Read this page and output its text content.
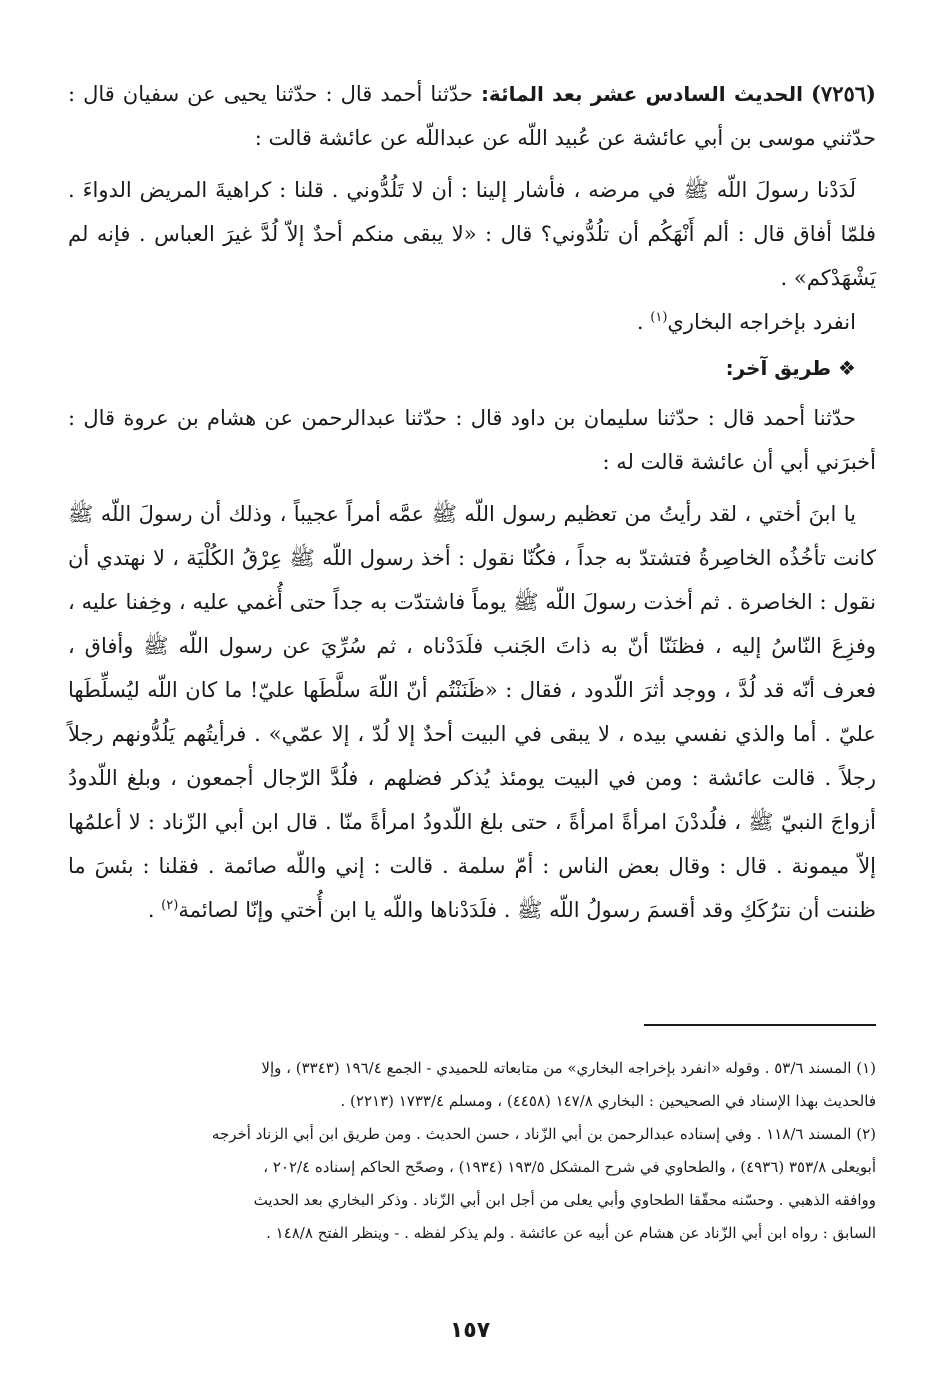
(٧٢٥٦) الحديث السادس عشر بعد المائة: حدّثنا أحمد قال : حدّثنا يحيى عن سفيان قال : حدّثني موسى بن أبي عائشة عن عُبيد اللّه عن عبداللّه عن عائشة قالت :

لَدَدْنا رسولَ اللّه ﷺ في مرضه ، فأشار إلينا : أن لا تَلُدُّوني . قلنا : كراهيةَ المريض الدواءَ . فلمّا أفاق قال : ألم أَنْهَكُم أن تلُدُّوني؟ قال : «لا يبقى منكم أحدٌ إلاّ لُدَّ غيرَ العباس . فإنه لم يَشْهَدْكم» .

انفرد بإخراجه البخاري$^{(١)}$ .

❖ طريق آخر:

حدّثنا أحمد قال : حدّثنا سليمان بن داود قال : حدّثنا عبدالرحمن عن هشام بن عروة قال : أخبرَني أبي أن عائشة قالت له :

يا ابنَ أختي ، لقد رأيتُ من تعظيم رسول اللّه ﷺ عمَّه أمراً عجيباً ، وذلك أن رسولَ اللّه ﷺ كانت تأخُذُه الخاصِرةُ فتشتدّ به جداً ، فكُنّا نقول : أخذ رسول اللّه ﷺ عِرْقُ الكُلْيَة ، لا نهتدي أن نقول : الخاصرة . ثم أخذت رسولَ اللّه ﷺ يوماً فاشتدّت به جداً حتى أُغمي عليه ، وخِفنا عليه ، وفزِعَ النّاسُ إليه ، فظنَنّا أنّ به ذاتَ الجَنب فلَدَدْناه ، ثم سُرِّيَ عن رسول اللّه ﷺ وأفاق ، فعرف أنّه قد لُدَّ ، ووجد أثرَ اللّدود ، فقال : «ظَنَنْتُم أنّ اللّهَ سلَّطَها عليّ! ما كان اللّه ليُسلِّطَها عليّ . أما والذي نفسي بيده ، لا يبقى في البيت أحدٌ إلا لُدّ ، إلا عمّي» . فرأيتُهم يَلُدُّونهم رجلاً رجلاً . قالت عائشة : ومن في البيت يومئذ يُذكر فضلهم ، فلُدَّ الرّجال أجمعون ، وبلغ اللّدودُ أزواجَ النبيّ ﷺ ، فلُددْنَ امرأةً امرأةً ، حتى بلغ اللّدودُ امرأةً منّا . قال ابن أبي الزّناد : لا أعلمُها إلاّ ميمونة . قال : وقال بعض الناس : أمّ سلمة . قالت : إني واللّه صائمة . فقلنا : بئسَ ما ظننت أن نترُكَكِ وقد أقسمَ رسولُ اللّه ﷺ . فلَدَدْناها واللّه يا ابن أُختي وإنّا لصائمة$^{(٢)}$ .

(١) المسند ٥٣/٦ . وقوله «انفرد بإخراجه البخاري» من متابعاته للحميدي - الجمع ١٩٦/٤ (٣٣٤٣) ، وإلا
فالحديث بهذا الإسناد في الصحيحين : البخاري ١٤٧/٨ (٤٤٥٨) ، ومسلم ١٧٣٣/٤ (٢٢١٣) .

(٢) المسند ١١٨/٦ . وفي إسناده عبدالرحمن بن أبي الزّناد ، حسن الحديث . ومن طريق ابن أبي الزناد أخرجه
أبويعلى ٣٥٣/٨ (٤٩٣٦) ، والطحاوي في شرح المشكل ١٩٣/٥ (١٩٣٤) ، وصحّح الحاكم إسناده ٢٠٢/٤ ،
ووافقه الذهبي . وحسّنه محقّقا الطحاوي وأبي يعلى من أجل ابن أبي الزّناد . وذكر البخاري بعد الحديث
السابق : رواه ابن أبي الزّناد عن هشام عن أبيه عن عائشة . ولم يذكر لفظه . - وينظر الفتح ١٤٨/٨ .

١٥٧
